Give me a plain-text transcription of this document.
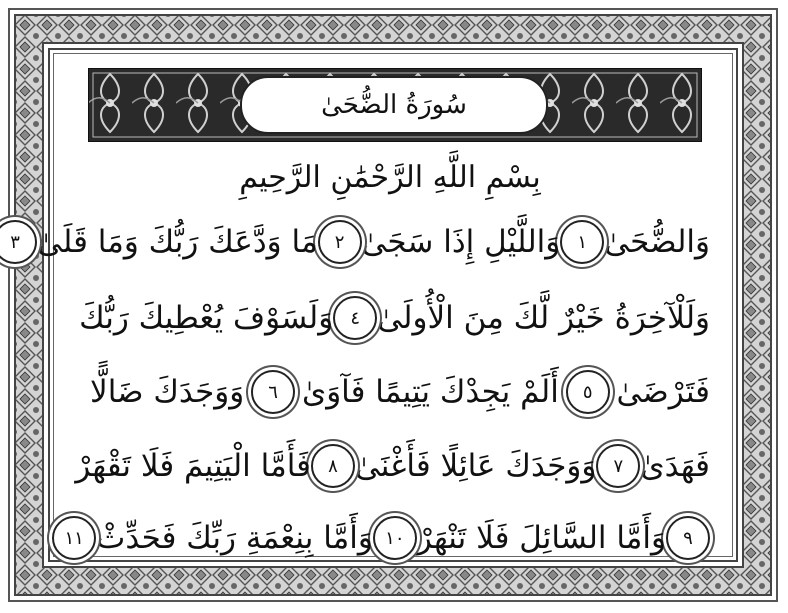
سُورَةُ الضُّحَىٰ
بِسْمِ اللَّهِ الرَّحْمَٰنِ الرَّحِيمِ
وَالضُّحَىٰ
١
وَاللَّيْلِ إِذَا سَجَىٰ
٢
مَا وَدَّعَكَ رَبُّكَ وَمَا قَلَىٰ
٣
وَلَلْآخِرَةُ خَيْرٌ لَّكَ مِنَ الْأُولَىٰ
٤
وَلَسَوْفَ يُعْطِيكَ رَبُّكَ
فَتَرْضَىٰ
٥
أَلَمْ يَجِدْكَ يَتِيمًا فَآوَىٰ
٦
وَوَجَدَكَ ضَالًّا
فَهَدَىٰ
٧
وَوَجَدَكَ عَائِلًا فَأَغْنَىٰ
٨
فَأَمَّا الْيَتِيمَ فَلَا تَقْهَرْ
٩
وَأَمَّا السَّائِلَ فَلَا تَنْهَرْ
١٠
وَأَمَّا بِنِعْمَةِ رَبِّكَ فَحَدِّثْ
١١
